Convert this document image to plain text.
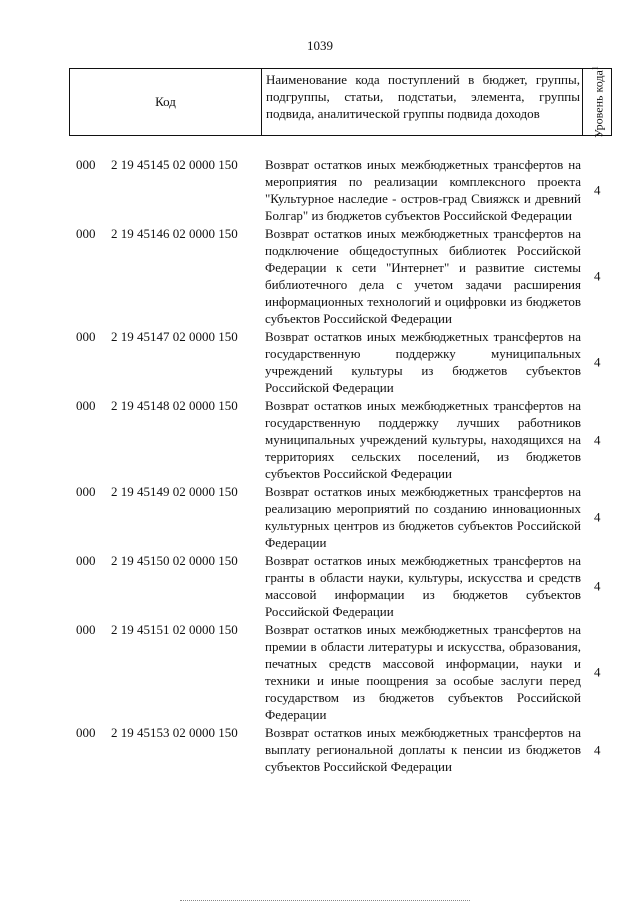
1039
Код
Наименование кода поступлений в бюджет, группы, подгруппы, статьи, подстатьи, элемента, группы подвида, аналитической группы подвида доходов	Уровень кода$^1$
000 2 19 45145 02 0000 150 Возврат остатков иных межбюджетных трансфертов на мероприятия по реализации комплексного проекта "Культурное наследие - остров-град Свияжск и древний Болгар" из бюджетов субъектов Российской Федерации
4
000 2 19 45146 02 0000 150 Возврат остатков иных межбюджетных трансфертов на подключение общедоступных библиотек Российской Федерации к сети "Интернет" и развитие системы библиотечного дела с учетом задачи расширения информационных технологий и оцифровки из бюджетов субъектов Российской Федерации
4
000 2 19 45147 02 0000 150 Возврат остатков иных межбюджетных трансфертов на государственную поддержку муниципальных учреждений культуры из бюджетов субъектов Российской Федерации
4
000 2 19 45148 02 0000 150 Возврат остатков иных межбюджетных трансфертов на государственную поддержку лучших работников муниципальных учреждений культуры, находящихся на территориях сельских поселений, из бюджетов субъектов Российской Федерации
4
000 2 19 45149 02 0000 150 Возврат остатков иных межбюджетных трансфертов на реализацию мероприятий по созданию инновационных культурных центров из бюджетов субъектов Российской Федерации
4
000 2 19 45150 02 0000 150 Возврат остатков иных межбюджетных трансфертов на гранты в области науки, культуры, искусства и средств массовой информации из бюджетов субъектов Российской Федерации
4
000 2 19 45151 02 0000 150 Возврат остатков иных межбюджетных трансфертов на премии в области литературы и искусства, образования, печатных средств массовой информации, науки и техники и иные поощрения за особые заслуги перед государством из бюджетов субъектов Российской Федерации
4
000 2 19 45153 02 0000 150 Возврат остатков иных межбюджетных трансфертов на выплату региональной доплаты к пенсии из бюджетов субъектов Российской Федерации
4
